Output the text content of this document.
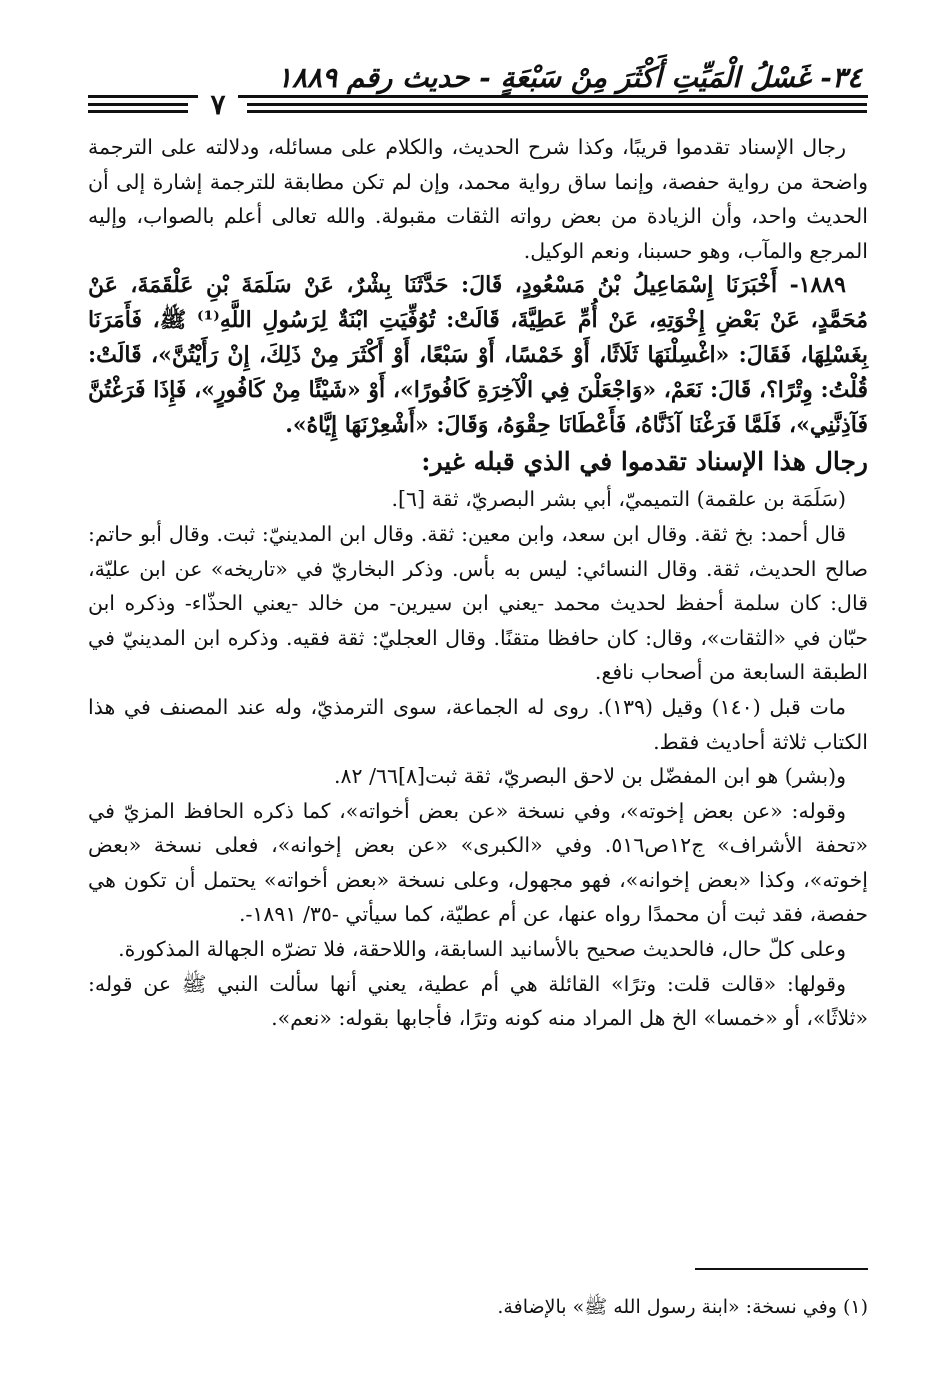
٣٤- غَسْلُ الْمَيِّتِ أَكْثَرَ مِنْ سَبْعَةٍ - حديث رقم ١٨٨٩
٧

رجال الإسناد تقدموا قريبًا، وكذا شرح الحديث، والكلام على مسائله، ودلالته على الترجمة واضحة من رواية حفصة، وإنما ساق رواية محمد، وإن لم تكن مطابقة للترجمة إشارة إلى أن الحديث واحد، وأن الزيادة من بعض رواته الثقات مقبولة. والله تعالى أعلم بالصواب، وإليه المرجع والمآب، وهو حسبنا، ونعم الوكيل.

١٨٨٩- أَخْبَرَنَا إِسْمَاعِيلُ بْنُ مَسْعُودٍ، قَالَ: حَدَّثَنَا بِشْرٌ، عَنْ سَلَمَةَ بْنِ عَلْقَمَةَ، عَنْ مُحَمَّدٍ، عَنْ بَعْضِ إِخْوَتِهِ، عَنْ أُمِّ عَطِيَّةَ، قَالَتْ: تُوُفِّيَتِ ابْنَةٌ لِرَسُولِ اللَّهِ⁽¹⁾ ﷺ، فَأَمَرَنَا بِغَسْلِهَا، فَقَالَ: «اغْسِلْنَهَا ثَلَاثًا، أَوْ خَمْسًا، أَوْ سَبْعًا، أَوْ أَكْثَرَ مِنْ ذَلِكَ، إِنْ رَأَيْتُنَّ»، قَالَتْ: قُلْتُ: وِتْرًا؟، قَالَ: نَعَمْ، «وَاجْعَلْنَ فِي الْآخِرَةِ كَافُورًا»، أَوْ «شَيْئًا مِنْ كَافُورٍ»، فَإِذَا فَرَغْتُنَّ فَآذِنَّنِي»، فَلَمَّا فَرَغْنَا آذَنَّاهُ، فَأَعْطَانَا حِقْوَهُ، وَقَالَ: «أَشْعِرْنَهَا إِيَّاهُ».

رجال هذا الإسناد تقدموا في الذي قبله غير:

(سَلَمَة بن علقمة) التميميّ، أبي بشر البصريّ، ثقة [٦].

قال أحمد: بخ ثقة. وقال ابن سعد، وابن معين: ثقة. وقال ابن المدينيّ: ثبت. وقال أبو حاتم: صالح الحديث، ثقة. وقال النسائي: ليس به بأس. وذكر البخاريّ في «تاريخه» عن ابن عليّة، قال: كان سلمة أحفظ لحديث محمد -يعني ابن سيرين- من خالد -يعني الحذّاء- وذكره ابن حبّان في «الثقات»، وقال: كان حافظا متقنًا. وقال العجليّ: ثقة فقيه. وذكره ابن المدينيّ في الطبقة السابعة من أصحاب نافع.

مات قبل (١٤٠) وقيل (١٣٩). روى له الجماعة، سوى الترمذيّ، وله عند المصنف في هذا الكتاب ثلاثة أحاديث فقط.

و(بشر) هو ابن المفضّل بن لاحق البصريّ، ثقة ثبت[٨]٦٦/ ٨٢.

وقوله: «عن بعض إخوته»، وفي نسخة «عن بعض أخواته»، كما ذكره الحافظ المزيّ في «تحفة الأشراف» ج١٢ص٥١٦. وفي «الكبرى» «عن بعض إخوانه»، فعلى نسخة «بعض إخوته»، وكذا «بعض إخوانه»، فهو مجهول، وعلى نسخة «بعض أخواته» يحتمل أن تكون هي حفصة، فقد ثبت أن محمدًا رواه عنها، عن أم عطيّة، كما سيأتي -٣٥/ ١٨٩١-.

وعلى كلّ حال، فالحديث صحيح بالأسانيد السابقة، واللاحقة، فلا تضرّه الجهالة المذكورة.

وقولها: «قالت قلت: وترًا» القائلة هي أم عطية، يعني أنها سألت النبي ﷺ عن قوله: «ثلاثًا»، أو «خمسا» الخ هل المراد منه كونه وترًا، فأجابها بقوله: «نعم».

(١) وفي نسخة: «ابنة رسول الله ﷺ» بالإضافة.
